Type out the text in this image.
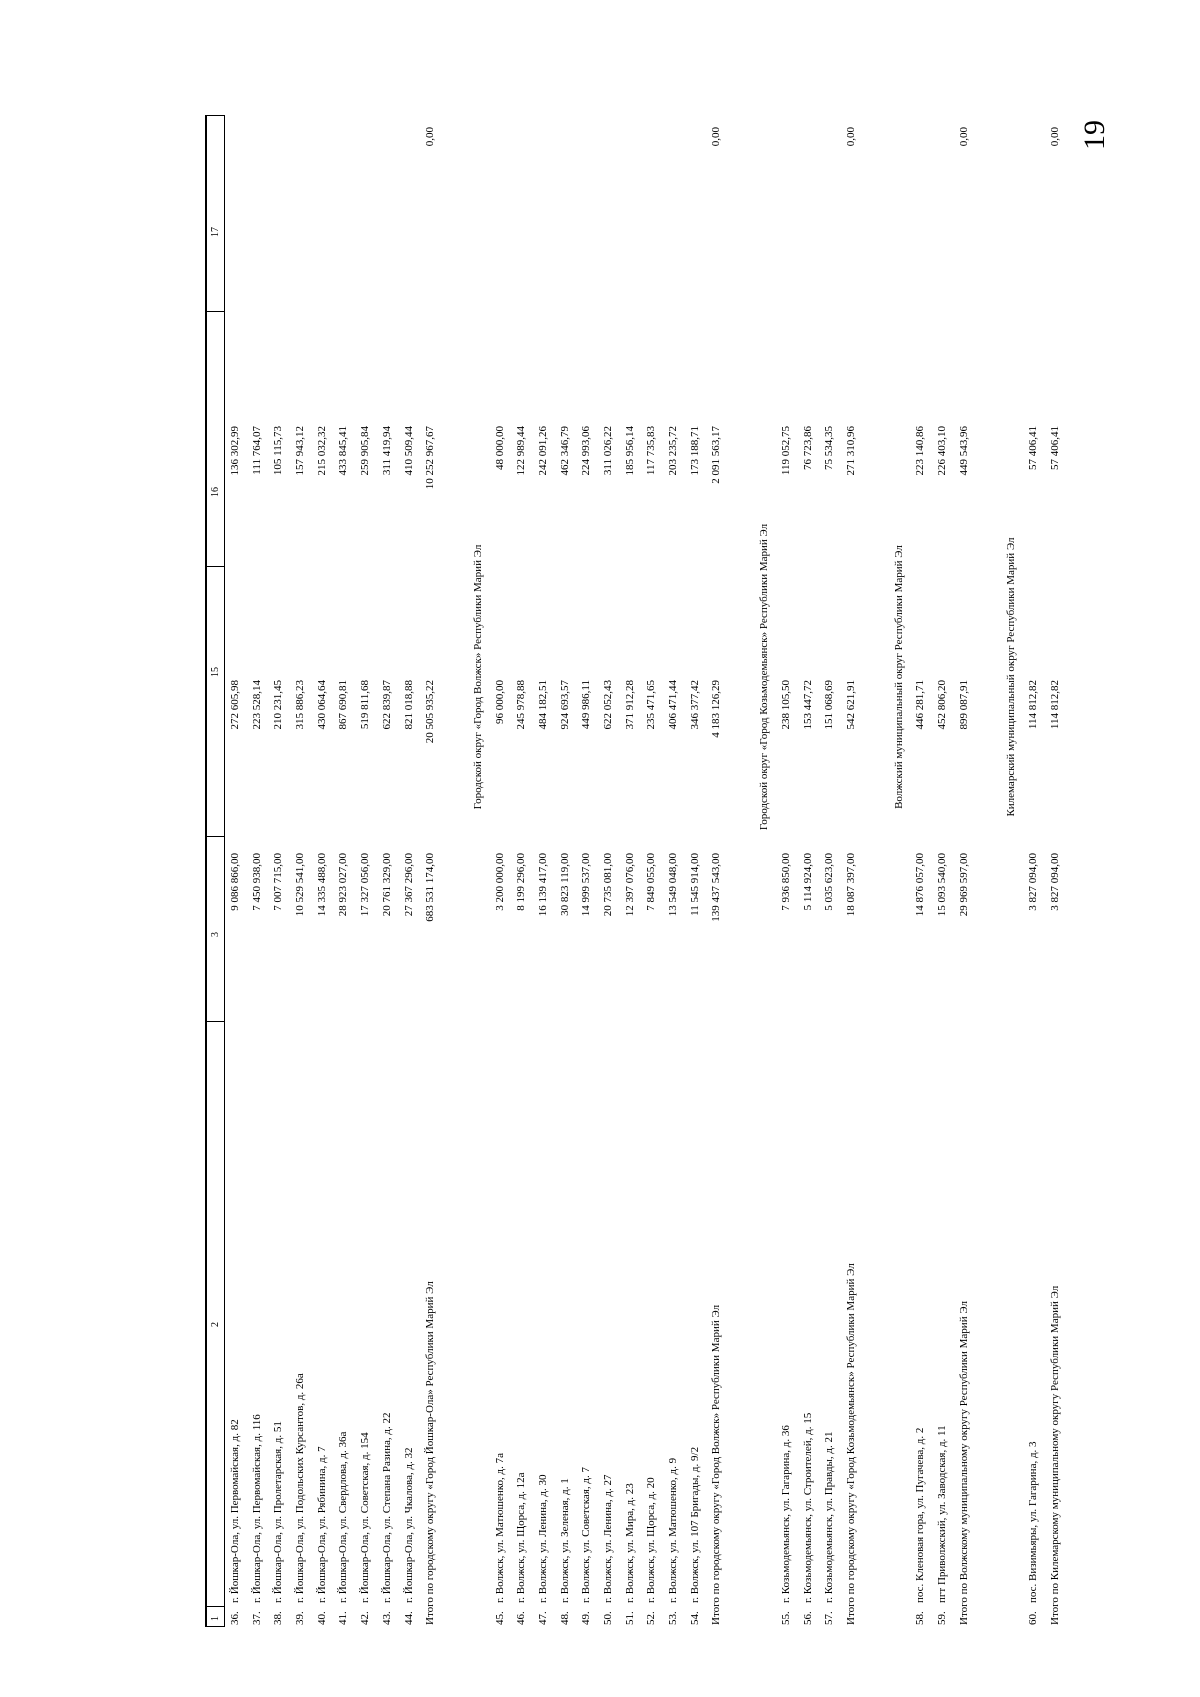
19
1
2
3
15
16
17
36.
г. Йошкар-Ола, ул. Первомайская, д. 82
9 086 866,00
272 605,98
136 302,99
37.
г. Йошкар-Ола, ул. Первомайская, д. 116
7 450 938,00
223 528,14
111 764,07
38.
г. Йошкар-Ола, ул. Пролетарская, д. 51
7 007 715,00
210 231,45
105 115,73
39.
г. Йошкар-Ола, ул. Подольских Курсантов, д. 26а
10 529 541,00
315 886,23
157 943,12
40.
г. Йошкар-Ола, ул. Рябинина, д. 7
14 335 488,00
430 064,64
215 032,32
41.
г. Йошкар-Ола, ул. Свердлова, д. 36а
28 923 027,00
867 690,81
433 845,41
42.
г. Йошкар-Ола, ул. Советская, д. 154
17 327 056,00
519 811,68
259 905,84
43.
г. Йошкар-Ола, ул. Степана Разина, д. 22
20 761 329,00
622 839,87
311 419,94
44.
г. Йошкар-Ола, ул. Чкалова, д. 32
27 367 296,00
821 018,88
410 509,44
Итого по городскому округу «Город Йошкар-Ола» Республики Марий Эл
683 531 174,00
20 505 935,22
10 252 967,67
0,00
Городской округ «Город Волжск» Республики Марий Эл
45.
г. Волжск, ул. Матюшенко, д. 7а
3 200 000,00
96 000,00
48 000,00
46.
г. Волжск, ул. Щорса, д. 12а
8 199 296,00
245 978,88
122 989,44
47.
г. Волжск, ул. Ленина, д. 30
16 139 417,00
484 182,51
242 091,26
48.
г. Волжск, ул. Зеленая, д. 1
30 823 119,00
924 693,57
462 346,79
49.
г. Волжск, ул. Советская, д. 7
14 999 537,00
449 986,11
224 993,06
50.
г. Волжск, ул. Ленина, д. 27
20 735 081,00
622 052,43
311 026,22
51.
г. Волжск, ул. Мира, д. 23
12 397 076,00
371 912,28
185 956,14
52.
г. Волжск, ул. Щорса, д. 20
7 849 055,00
235 471,65
117 735,83
53.
г. Волжск, ул. Матюшенко, д. 9
13 549 048,00
406 471,44
203 235,72
54.
г. Волжск, ул. 107 Бригады, д. 9/2
11 545 914,00
346 377,42
173 188,71
Итого по городскому округу «Город Волжск» Республики Марий Эл
139 437 543,00
4 183 126,29
2 091 563,17
0,00
Городской округ «Город Козьмодемьянск» Республики Марий Эл
55.
г. Козьмодемьянск, ул. Гагарина, д. 36
7 936 850,00
238 105,50
119 052,75
56.
г. Козьмодемьянск, ул. Строителей, д. 15
5 114 924,00
153 447,72
76 723,86
57.
г. Козьмодемьянск, ул. Правды, д. 21
5 035 623,00
151 068,69
75 534,35
Итого по городскому округу «Город Козьмодемьянск» Республики Марий Эл
18 087 397,00
542 621,91
271 310,96
0,00
Волжский муниципальный округ Республики Марий Эл
58.
пос. Кленовая гора, ул. Пугачева, д. 2
14 876 057,00
446 281,71
223 140,86
59.
пгт Приволжский, ул. Заводская, д. 11
15 093 540,00
452 806,20
226 403,10
Итого по Волжскому муниципальному округу Республики Марий Эл
29 969 597,00
899 087,91
449 543,96
0,00
Килемарский муниципальный округ Республики Марий Эл
60.
пос. Визимьяры, ул. Гагарина, д. 3
3 827 094,00
114 812,82
57 406,41
Итого по Килемарскому муниципальному округу Республики Марий Эл
3 827 094,00
114 812,82
57 406,41
0,00
